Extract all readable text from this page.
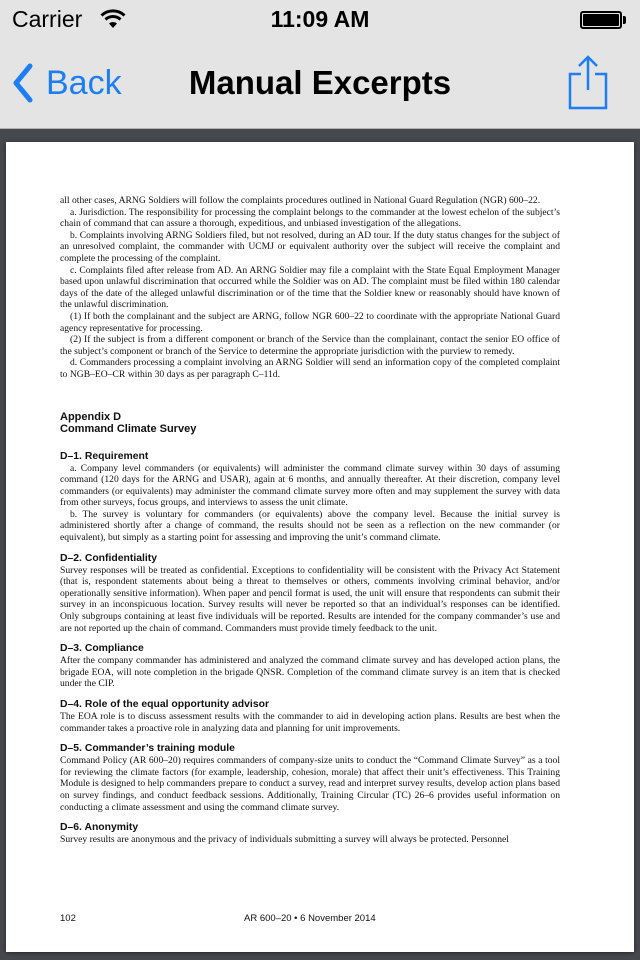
Carrier	11:09 AM
Back	Manual Excerpts

all other cases, ARNG Soldiers will follow the complaints procedures outlined in National Guard Regulation (NGR) 600–22.

a. Jurisdiction. The responsibility for processing the complaint belongs to the commander at the lowest echelon of the subject’s chain of command that can assure a thorough, expeditious, and unbiased investigation of the allegations.

b. Complaints involving ARNG Soldiers filed, but not resolved, during an AD tour. If the duty status changes for the subject of an unresolved complaint, the commander with UCMJ or equivalent authority over the subject will receive the complaint and complete the processing of the complaint.

c. Complaints filed after release from AD. An ARNG Soldier may file a complaint with the State Equal Employment Manager based upon unlawful discrimination that occurred while the Soldier was on AD. The complaint must be filed within 180 calendar days of the date of the alleged unlawful discrimination or of the time that the Soldier knew or reasonably should have known of the unlawful discrimination.

(1) If both the complainant and the subject are ARNG, follow NGR 600–22 to coordinate with the appropriate National Guard agency representative for processing.

(2) If the subject is from a different component or branch of the Service than the complainant, contact the senior EO office of the subject’s component or branch of the Service to determine the appropriate jurisdiction with the purview to remedy.

d. Commanders processing a complaint involving an ARNG Soldier will send an information copy of the completed complaint to NGB–EO–CR within 30 days as per paragraph C–11d.

Appendix D
Command Climate Survey
D–1. Requirement

a. Company level commanders (or equivalents) will administer the command climate survey within 30 days of assuming command (120 days for the ARNG and USAR), again at 6 months, and annually thereafter. At their discretion, company level commanders (or equivalents) may administer the command climate survey more often and may supplement the survey with data from other surveys, focus groups, and interviews to assess the unit climate.

b. The survey is voluntary for commanders (or equivalents) above the company level. Because the initial survey is administered shortly after a change of command, the results should not be seen as a reflection on the new commander (or equivalent), but simply as a starting point for assessing and improving the unit’s command climate.

D–2. Confidentiality

Survey responses will be treated as confidential. Exceptions to confidentiality will be consistent with the Privacy Act Statement (that is, respondent statements about being a threat to themselves or others, comments involving criminal behavior, and/or operationally sensitive information). When paper and pencil format is used, the unit will ensure that respondents can submit their survey in an inconspicuous location. Survey results will never be reported so that an individual’s responses can be identified. Only subgroups containing at least five individuals will be reported. Results are intended for the company commander’s use and are not reported up the chain of command. Commanders must provide timely feedback to the unit.

D–3. Compliance

After the company commander has administered and analyzed the command climate survey and has developed action plans, the brigade EOA, will note completion in the brigade QNSR. Completion of the command climate survey is an item that is checked under the CIP.

D–4. Role of the equal opportunity advisor

The EOA role is to discuss assessment results with the commander to aid in developing action plans. Results are best when the commander takes a proactive role in analyzing data and planning for unit improvements.

D–5. Commander’s training module

Command Policy (AR 600–20) requires commanders of company-size units to conduct the “Command Climate Survey” as a tool for reviewing the climate factors (for example, leadership, cohesion, morale) that affect their unit’s effectiveness. This Training Module is designed to help commanders prepare to conduct a survey, read and interpret survey results, develop action plans based on survey findings, and conduct feedback sessions. Additionally, Training Circular (TC) 26–6 provides useful information on conducting a climate assessment and using the command climate survey.

D–6. Anonymity

Survey results are anonymous and the privacy of individuals submitting a survey will always be protected. Personnel

102	AR 600–20 • 6 November 2014
